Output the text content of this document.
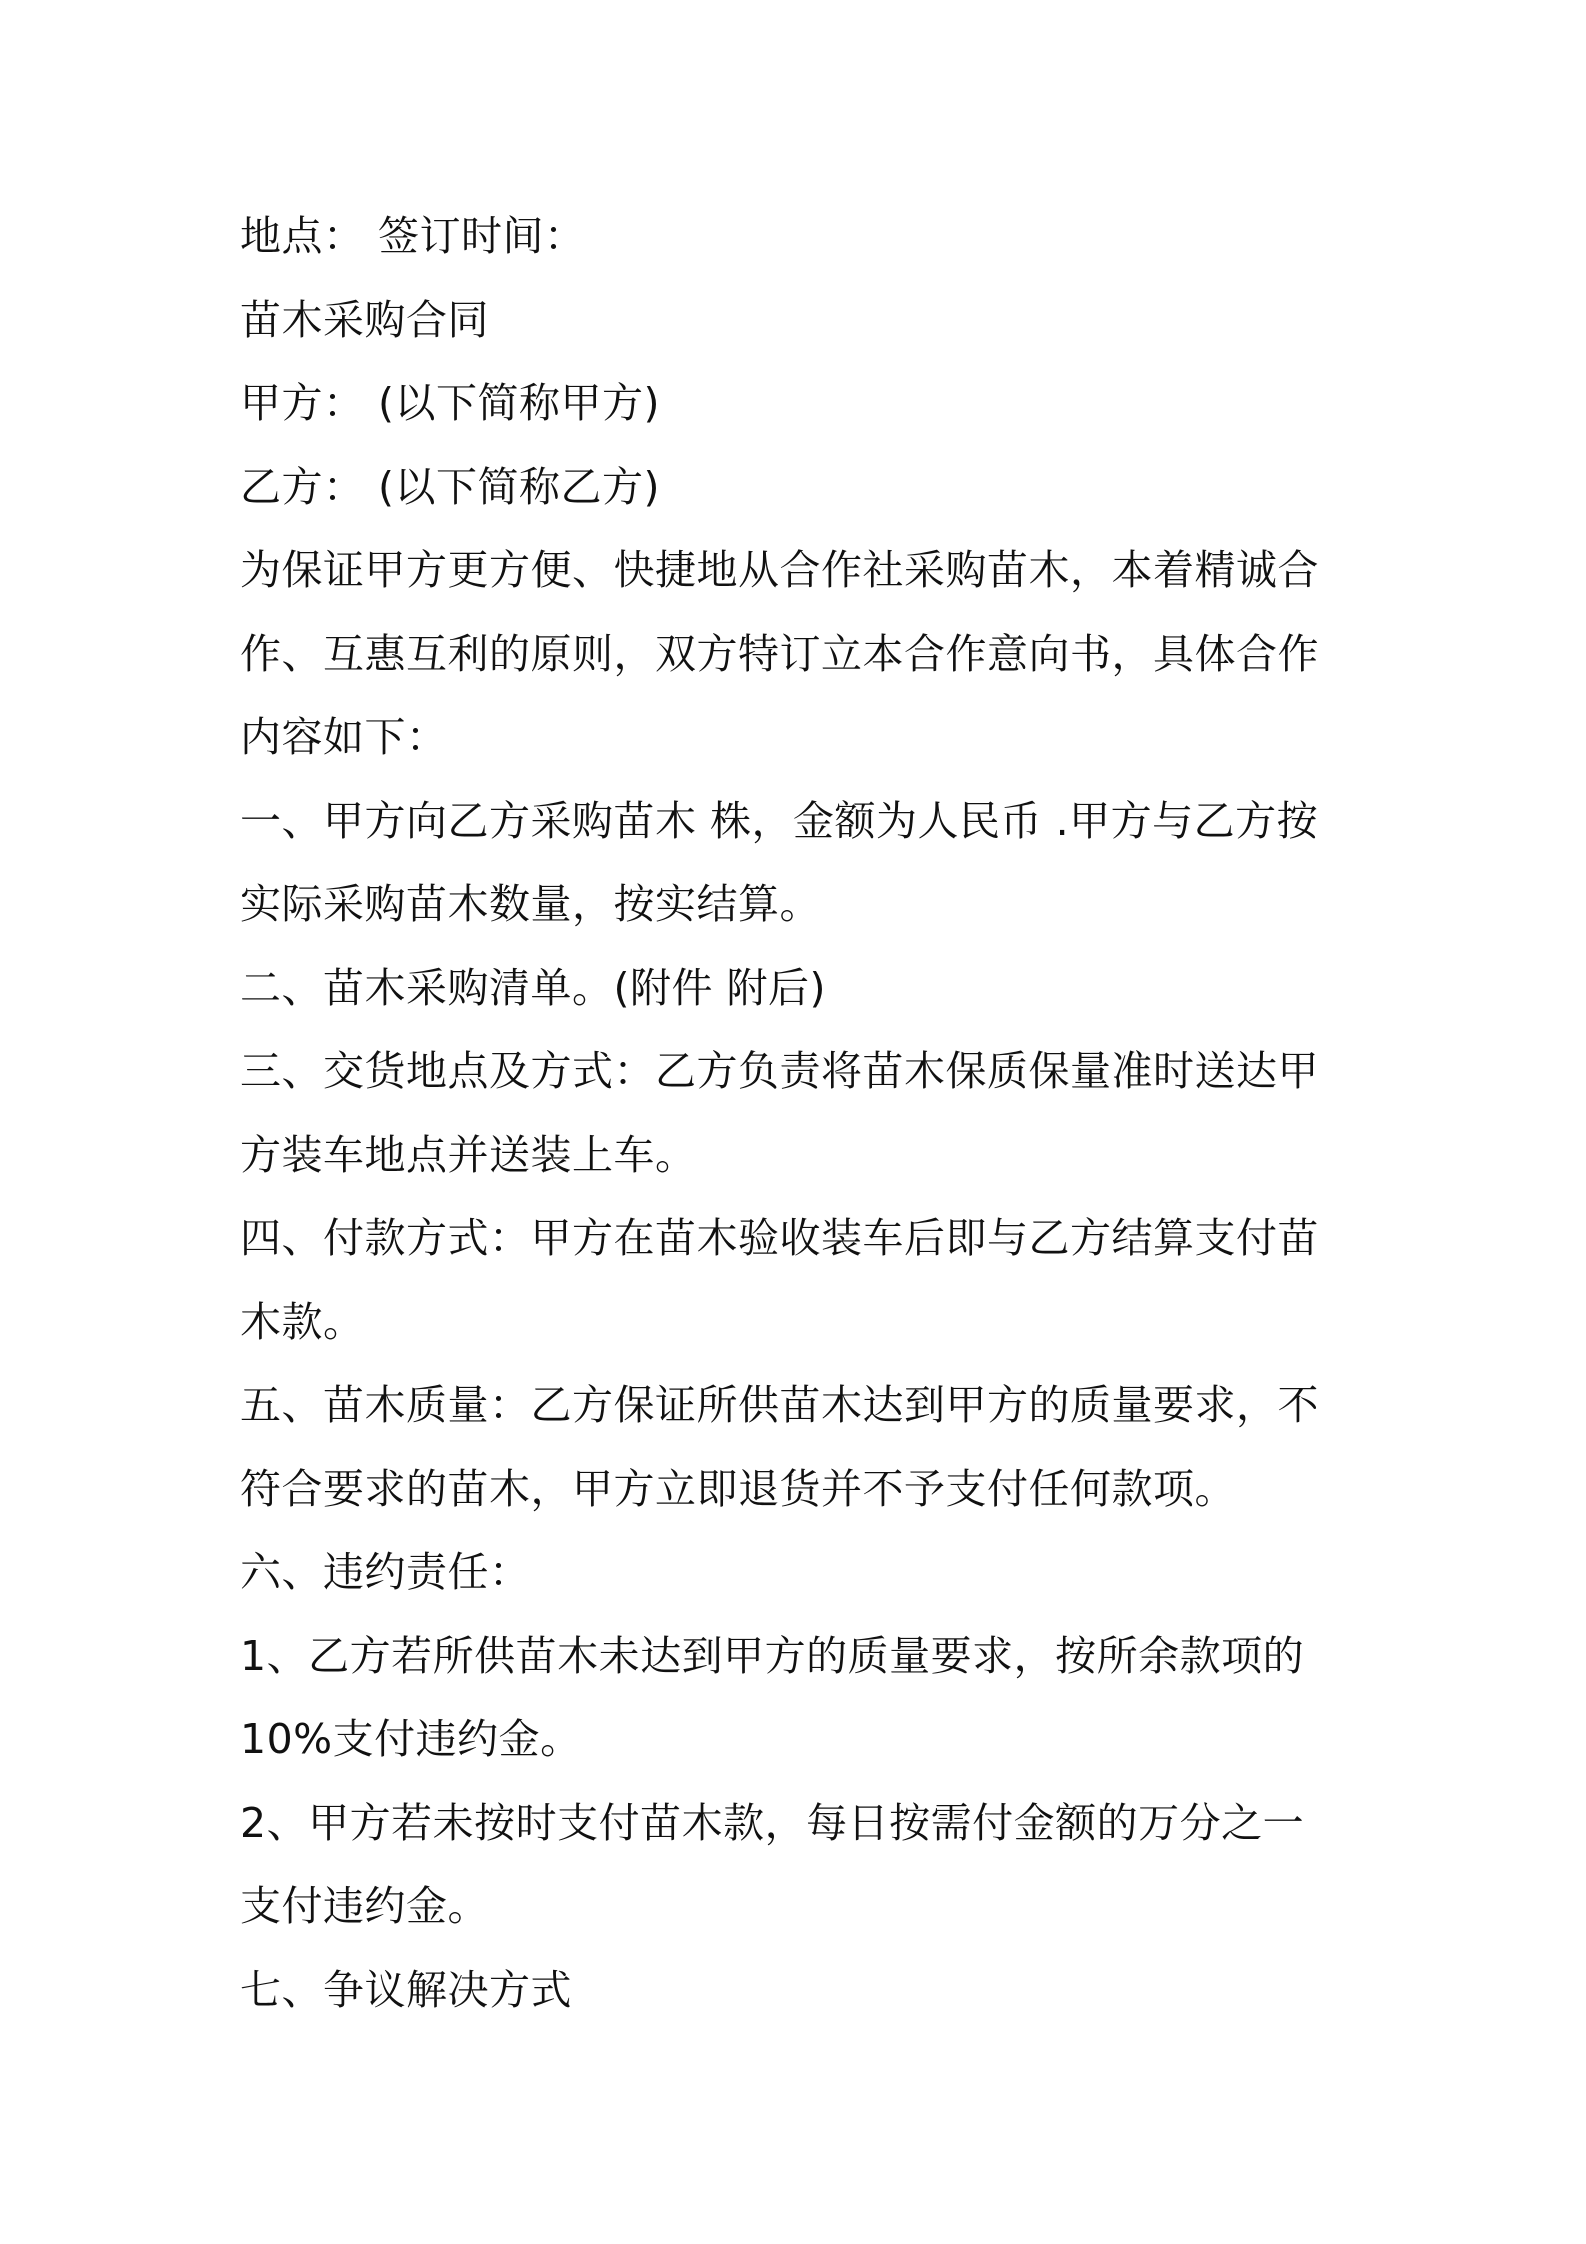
地点： 签订时间：
苗木采购合同
甲方： (以下简称甲方)
乙方： (以下简称乙方)
为保证甲方更方便、快捷地从合作社采购苗木，本着精诚合
作、互惠互利的原则，双方特订立本合作意向书，具体合作
内容如下：
一、甲方向乙方采购苗木 株，金额为人民币 .甲方与乙方按
实际采购苗木数量，按实结算。
二、苗木采购清单。(附件 附后)
三、交货地点及方式：乙方负责将苗木保质保量准时送达甲
方装车地点并送装上车。
四、付款方式：甲方在苗木验收装车后即与乙方结算支付苗
木款。
五、苗木质量：乙方保证所供苗木达到甲方的质量要求，不
符合要求的苗木，甲方立即退货并不予支付任何款项。
六、违约责任：
1、乙方若所供苗木未达到甲方的质量要求，按所余款项的
10%支付违约金。
2、甲方若未按时支付苗木款，每日按需付金额的万分之一
支付违约金。
七、争议解决方式
